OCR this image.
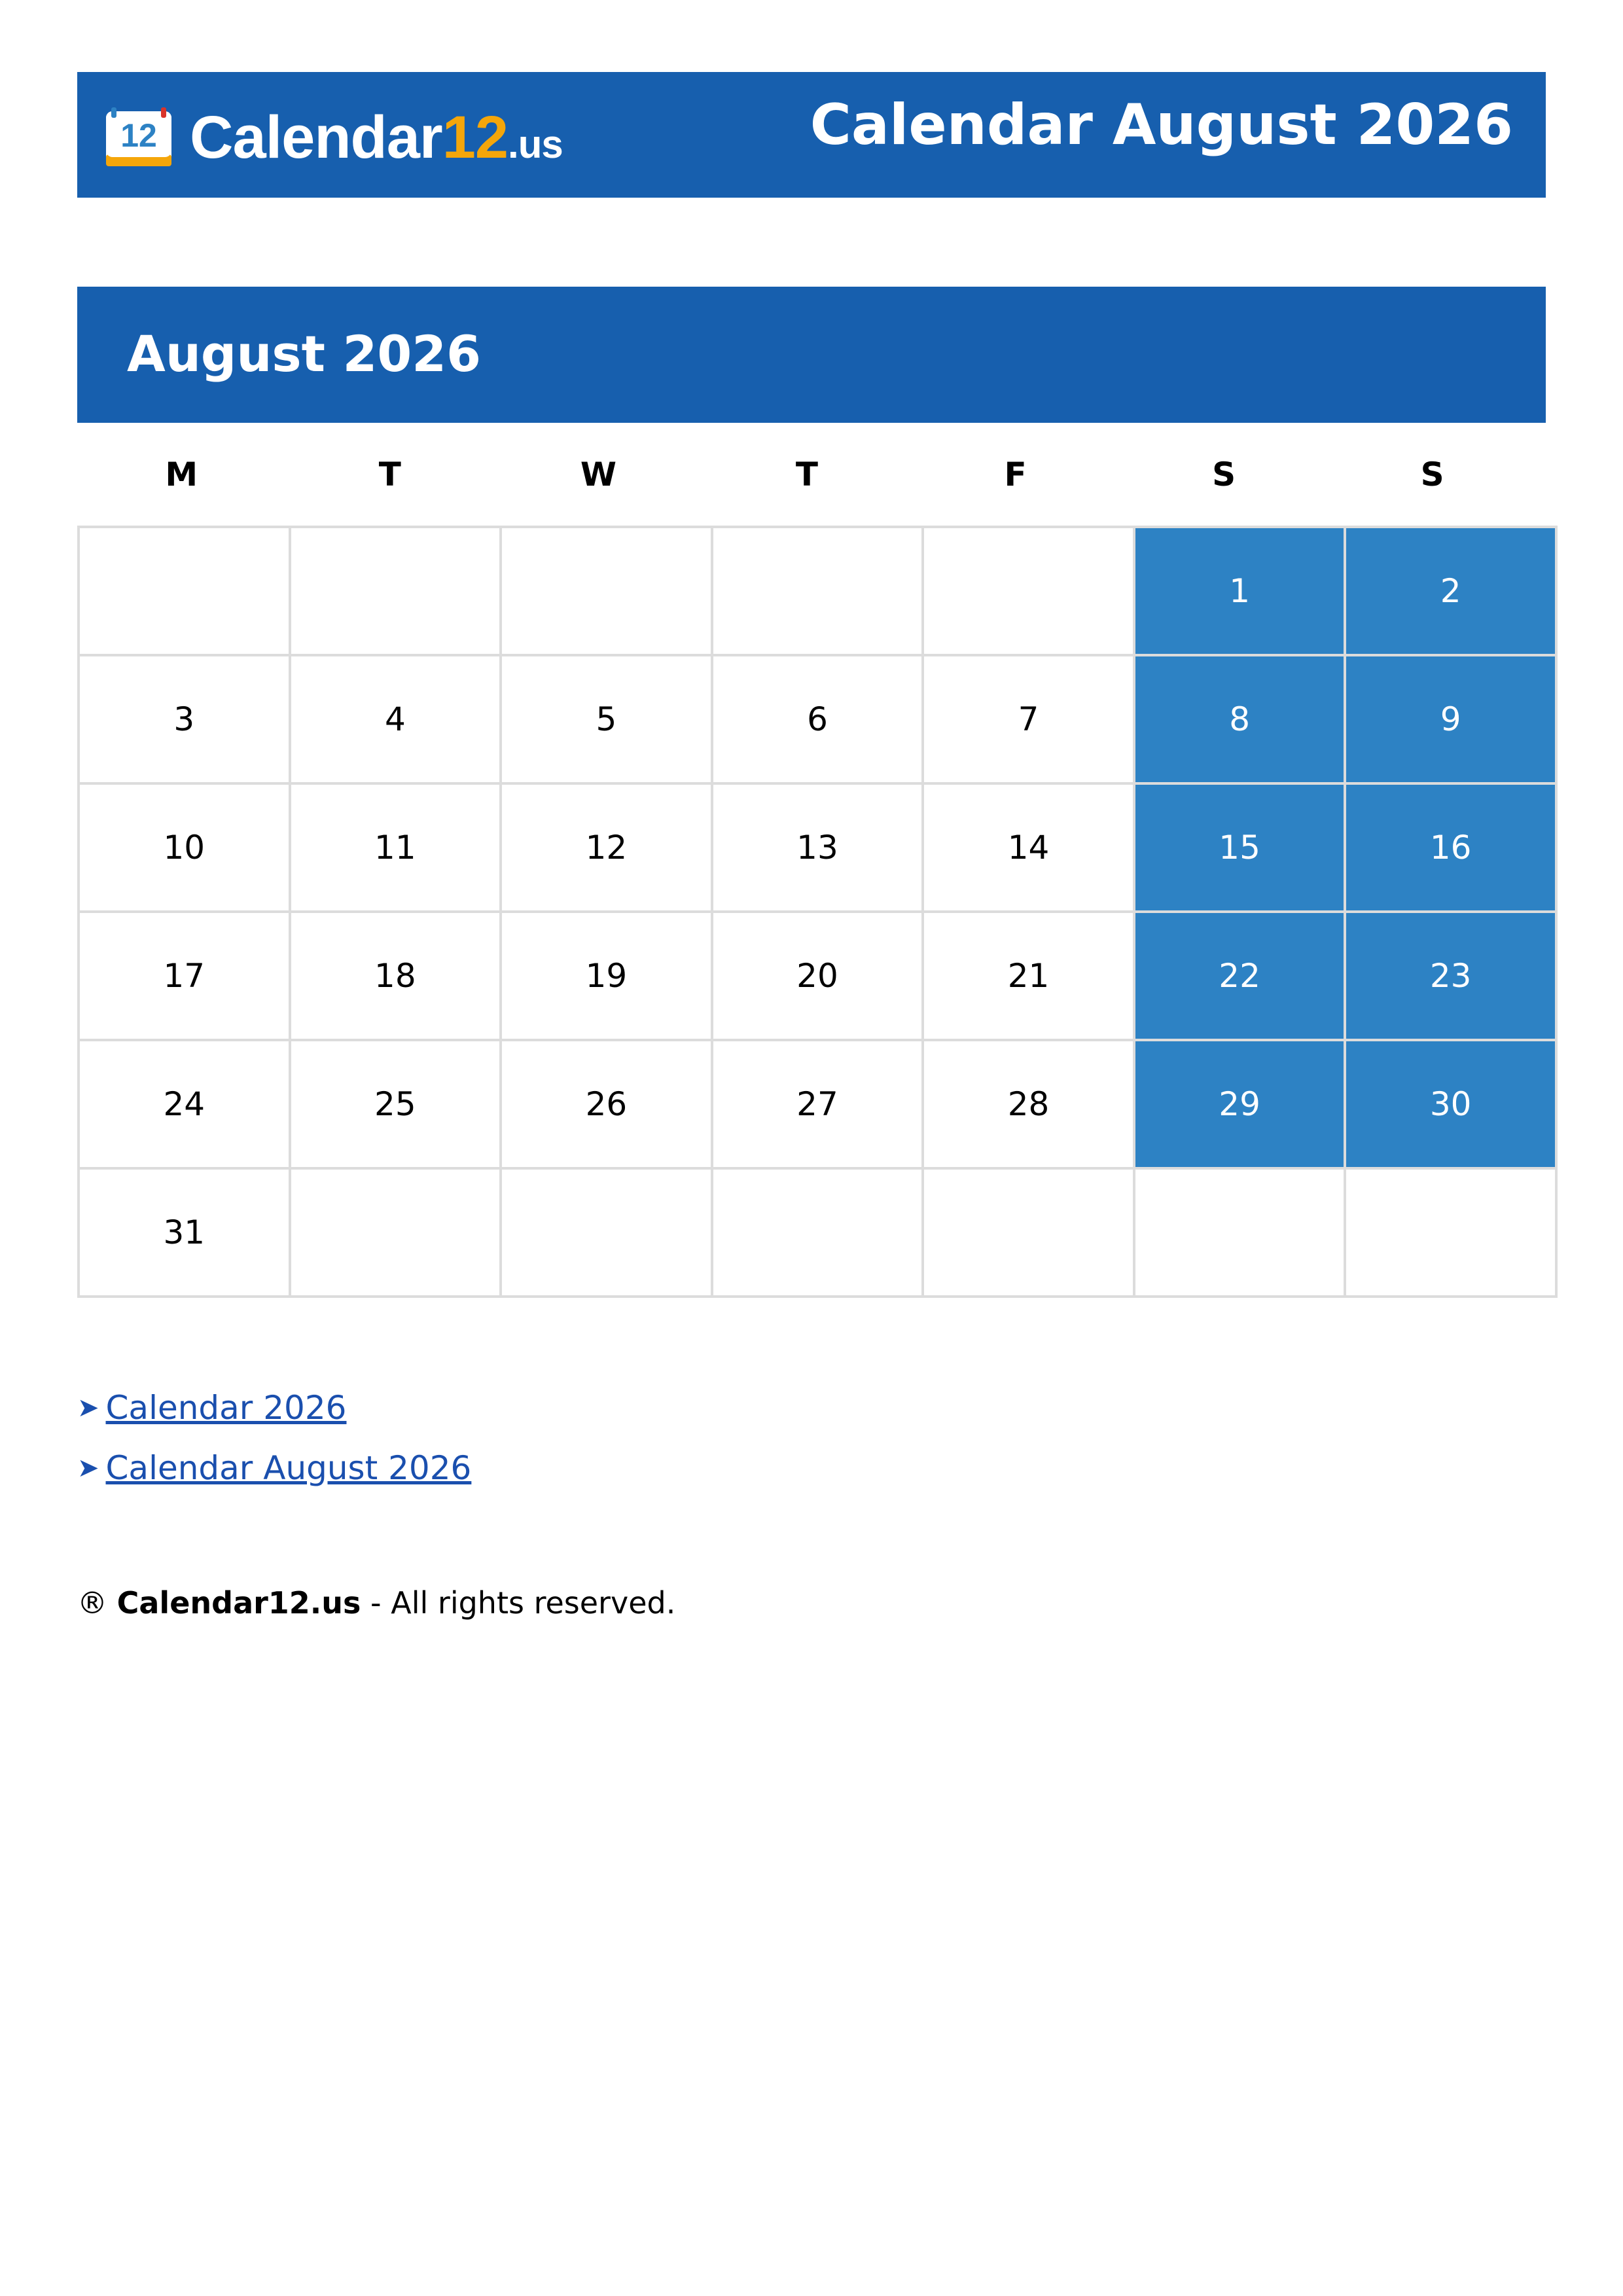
12 Calendar12.us	Calendar August 2026
August 2026
M	T	W	T	F	S	S
					1	2
3	4	5	6	7	8	9
10	11	12	13	14	15	16
17	18	19	20	21	22	23
24	25	26	27	28	29	30
31						
➤ Calendar 2026
➤ Calendar August 2026
® Calendar12.us - All rights reserved.
